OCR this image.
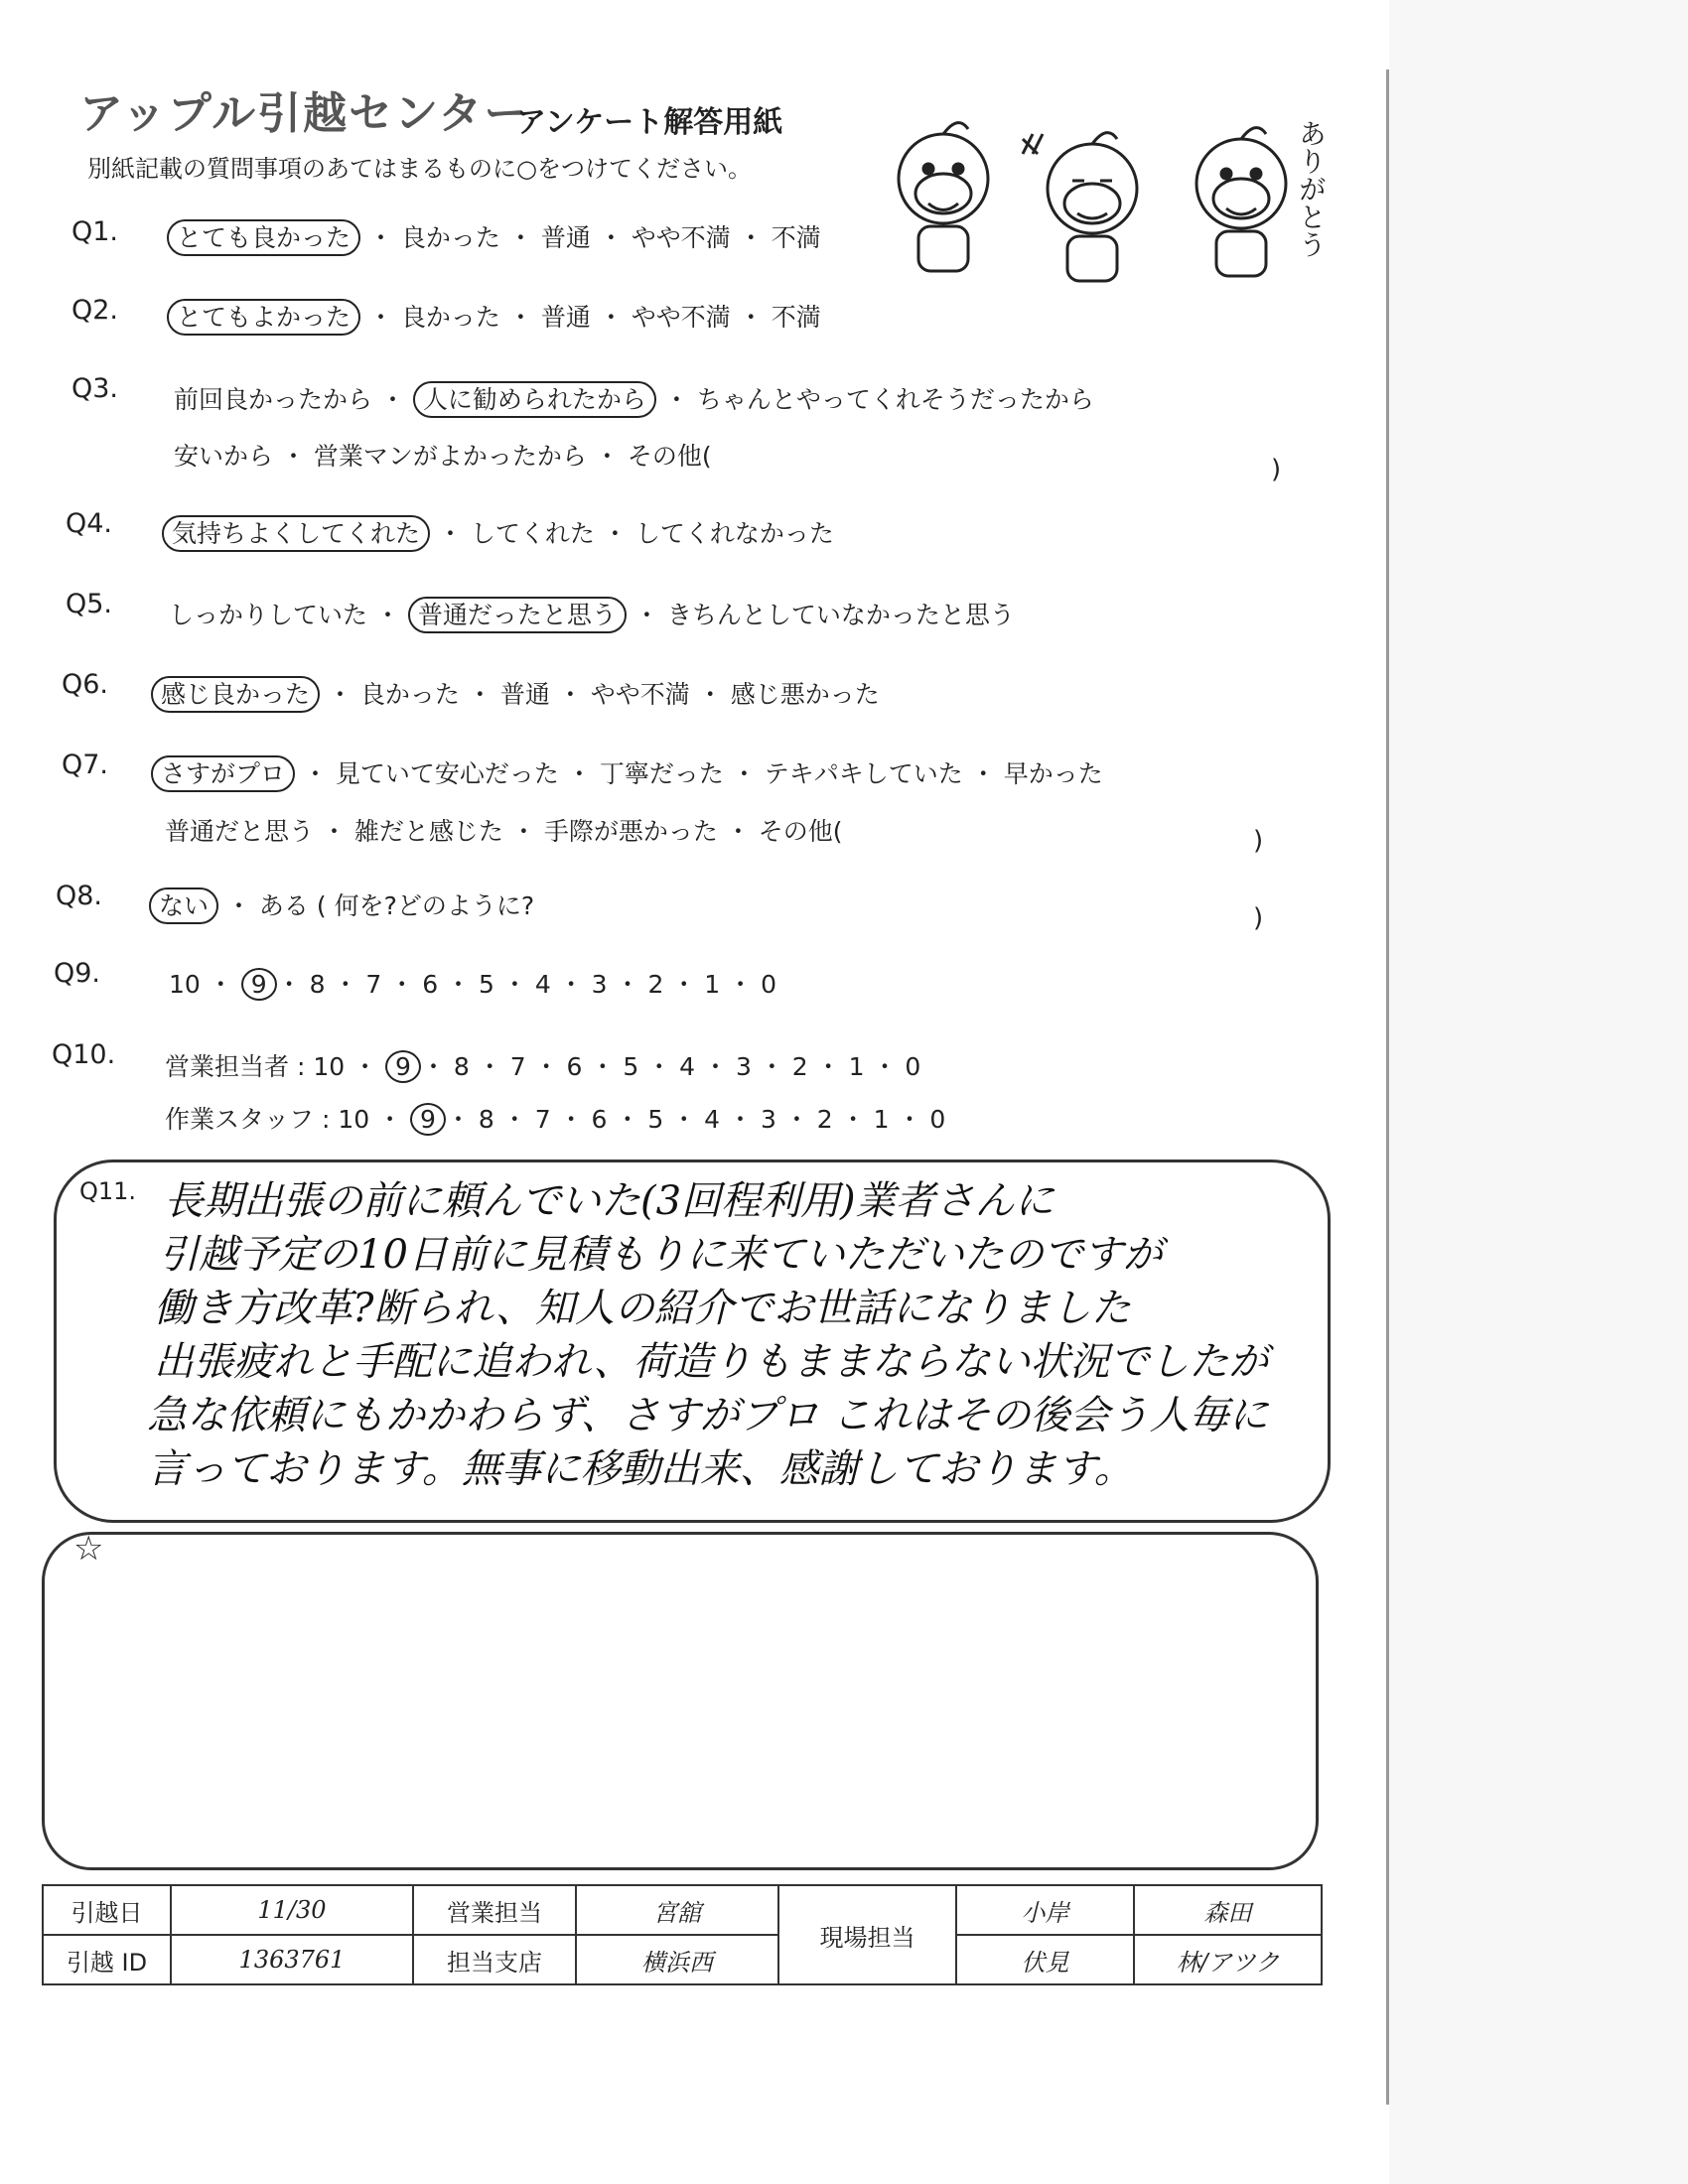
アップル引越センター
アンケート解答用紙
別紙記載の質問事項のあてはまるものに○をつけてください。	ありがとう
Q1.	とても良かった ・ 良かった ・ 普通 ・ やや不満 ・ 不満
Q2.	とてもよかった ・ 良かった ・ 普通 ・ やや不満 ・ 不満
Q3. 前回良かったから ・ 人に勧められたから ・ ちゃんとやってくれそうだったから
安いから ・ 営業マンがよかったから ・ その他(	)
Q4.	気持ちよくしてくれた ・ してくれた ・ してくれなかった
Q5. しっかりしていた ・ 普通だったと思う ・ きちんとしていなかったと思う
Q6.	感じ良かった ・ 良かった ・ 普通 ・ やや不満 ・ 感じ悪かった
Q7.	さすがプロ ・ 見ていて安心だった ・ 丁寧だった ・ テキパキしていた ・ 早かった
普通だと思う ・ 雑だと感じた ・ 手際が悪かった ・ その他(	)
Q8.	ない ・ ある ( 何を?どのように?	)
Q9.	10 ・ 9 ・ 8 ・ 7 ・ 6 ・ 5 ・ 4 ・ 3 ・ 2 ・ 1 ・ 0
Q10. 営業担当者 : 10 ・ 9 ・ 8 ・ 7 ・ 6 ・ 5 ・ 4 ・ 3 ・ 2 ・ 1 ・ 0
作業スタッフ : 10 ・ 9 ・ 8 ・ 7 ・ 6 ・ 5 ・ 4 ・ 3 ・ 2 ・ 1 ・ 0
Q11. 長期出張の前に頼んでいた(3回程利用)業者さんに
引越予定の10日前に見積もりに来ていただいたのですが
働き方改革?断られ、知人の紹介でお世話になりました
出張疲れと手配に追われ、荷造りもままならない状況でしたが
急な依頼にもかかわらず、さすがプロ これはその後会う人毎に
言っております。無事に移動出来、感謝しております。
☆
引越日	11/30	営業担当	宮舘	現場担当	小岸	森田
引越 ID	1363761	担当支店	横浜西		伏見	林/アツク
